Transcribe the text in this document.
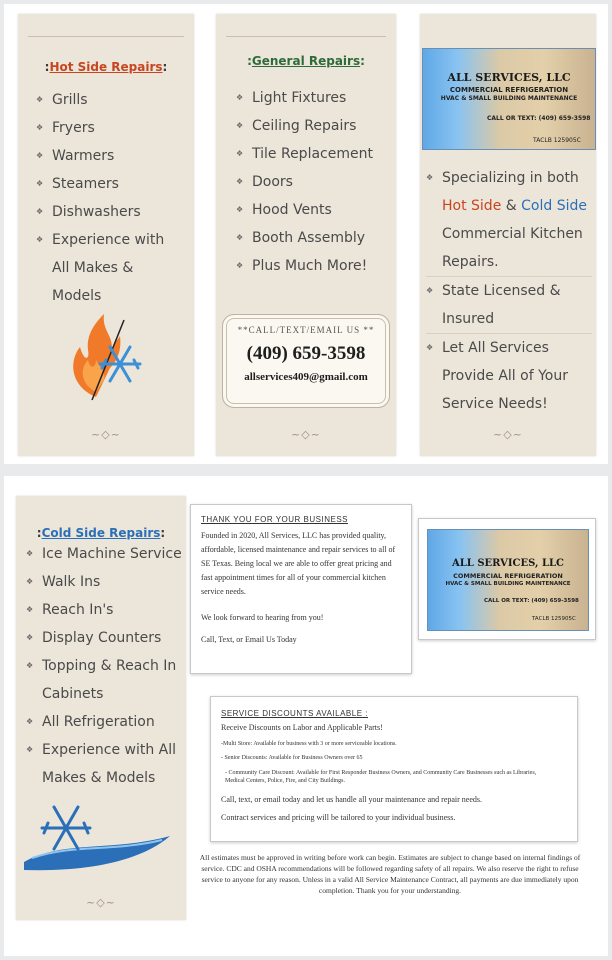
:Hot Side Repairs:
❖ Grills
❖ Fryers
❖ Warmers
❖ Steamers
❖ Dishwashers
❖ Experience with All Makes & Models
~◇~
:General Repairs:
❖ Light Fixtures
❖ Ceiling Repairs
❖ Tile Replacement
❖ Doors
❖ Hood Vents
❖ Booth Assembly
❖ Plus Much More!
**CALL/TEXT/EMAIL US **
(409) 659-3598
allservices409@gmail.com
~◇~
ALL SERVICES, LLC
COMMERCIAL REFRIGERATION
HVAC & SMALL BUILDING MAINTENANCE
CALL OR TEXT: (409) 659-3598
TACLB 125905C
❖ Specializing in both
Hot Side & Cold Side
Commercial Kitchen
Repairs.
❖ State Licensed &
Insured
❖ Let All Services
Provide All of Your
Service Needs!
~◇~
:Cold Side Repairs:
❖ Ice Machine Service
❖ Walk Ins
❖ Reach In's
❖ Display Counters
❖ Topping & Reach In Cabinets
❖ All Refrigeration
❖ Experience with All Makes & Models
~◇~
THANK YOU FOR YOUR BUSINESS
Founded in 2020, All Services, LLC has provided quality, affordable, licensed maintenance and repair services to all of SE Texas. Being local we are able to offer great pricing and fast appointment times for all of your commercial kitchen service needs.
We look forward to hearing from you!
Call, Text, or Email Us Today
ALL SERVICES, LLC
COMMERCIAL REFRIGERATION
HVAC & SMALL BUILDING MAINTENANCE
CALL OR TEXT: (409) 659-3598
TACLB 125905C
SERVICE DISCOUNTS AVAILABLE :
Receive Discounts on Labor and Applicable Parts!
-Multi Store: Available for business with 3 or more serviceable locations.
- Senior Discounts: Available for Business Owners over 65
- Community Care Discount: Available for First Responder Business Owners, and Community Care Businesses such as Libraries, Medical Centers, Police, Fire, and City Buildings.
Call, text, or email today and let us handle all your maintenance and repair needs.
Contract services and pricing will be tailored to your individual business.
All estimates must be approved in writing before work can begin. Estimates are subject to change based on internal findings of service. CDC and OSHA recommendations will be followed regarding safety of all repairs. We also reserve the right to refuse service to anyone for any reason. Unless in a valid All Service Maintenance Contract, all payments are due immediately upon completion. Thank you for your understanding.
